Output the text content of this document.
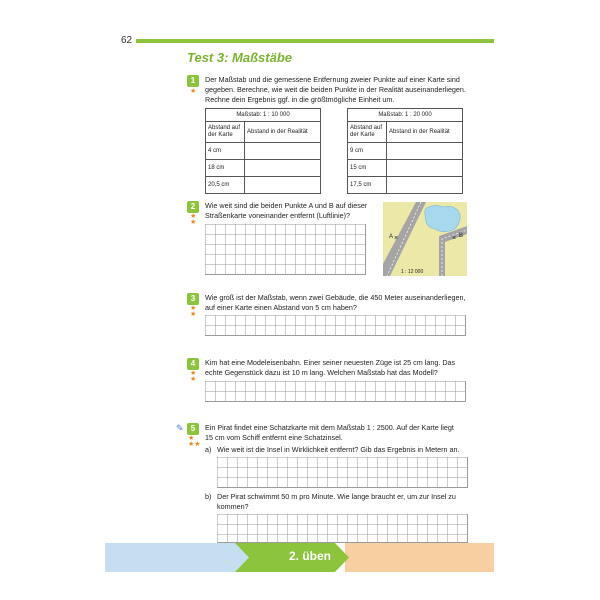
62
Test 3: Maßstäbe
1
★
Der Maßstab und die gemessene Entfernung zweier Punkte auf einer Karte sind
gegeben. Berechne, wie weit die beiden Punkte in der Realität auseinanderliegen.
Rechne dein Ergebnis ggf. in die größtmögliche Einheit um.
Maßstab: 1 : 10 000	
Abstand auf der Karte	Abstand in der Realität
4 cm	
18 cm	
20,5 cm	
Maßstab: 1 : 20 000	
Abstand auf der Karte	Abstand in der Realität
9 cm	
15 cm	
17,5 cm	
2
★
★
Wie weit sind die beiden Punkte A und B auf dieser
Straßenkarte voneinander entfernt (Luftlinie)?
A ×	× B
1 : 12 000
3
★
★
Wie groß ist der Maßstab, wenn zwei Gebäude, die 450 Meter auseinanderliegen,
auf einer Karte einen Abstand von 5 cm haben?
4
★
★
Kim hat eine Modeleisenbahn. Einer seiner neuesten Züge ist 25 cm lang. Das
echte Gegenstück dazu ist 10 m lang. Welchen Maßstab hat das Modell?
✎ 5
★
★★
Ein Pirat findet eine Schatzkarte mit dem Maßstab 1 : 2500. Auf der Karte liegt
15 cm vom Schiff entfernt eine Schatzinsel.
a) Wie weit ist die Insel in Wirklichkeit entfernt? Gib das Ergebnis in Metern an.
b) Der Pirat schwimmt 50 m pro Minute. Wie lange braucht er, um zur Insel zu
kommen?
2. üben
